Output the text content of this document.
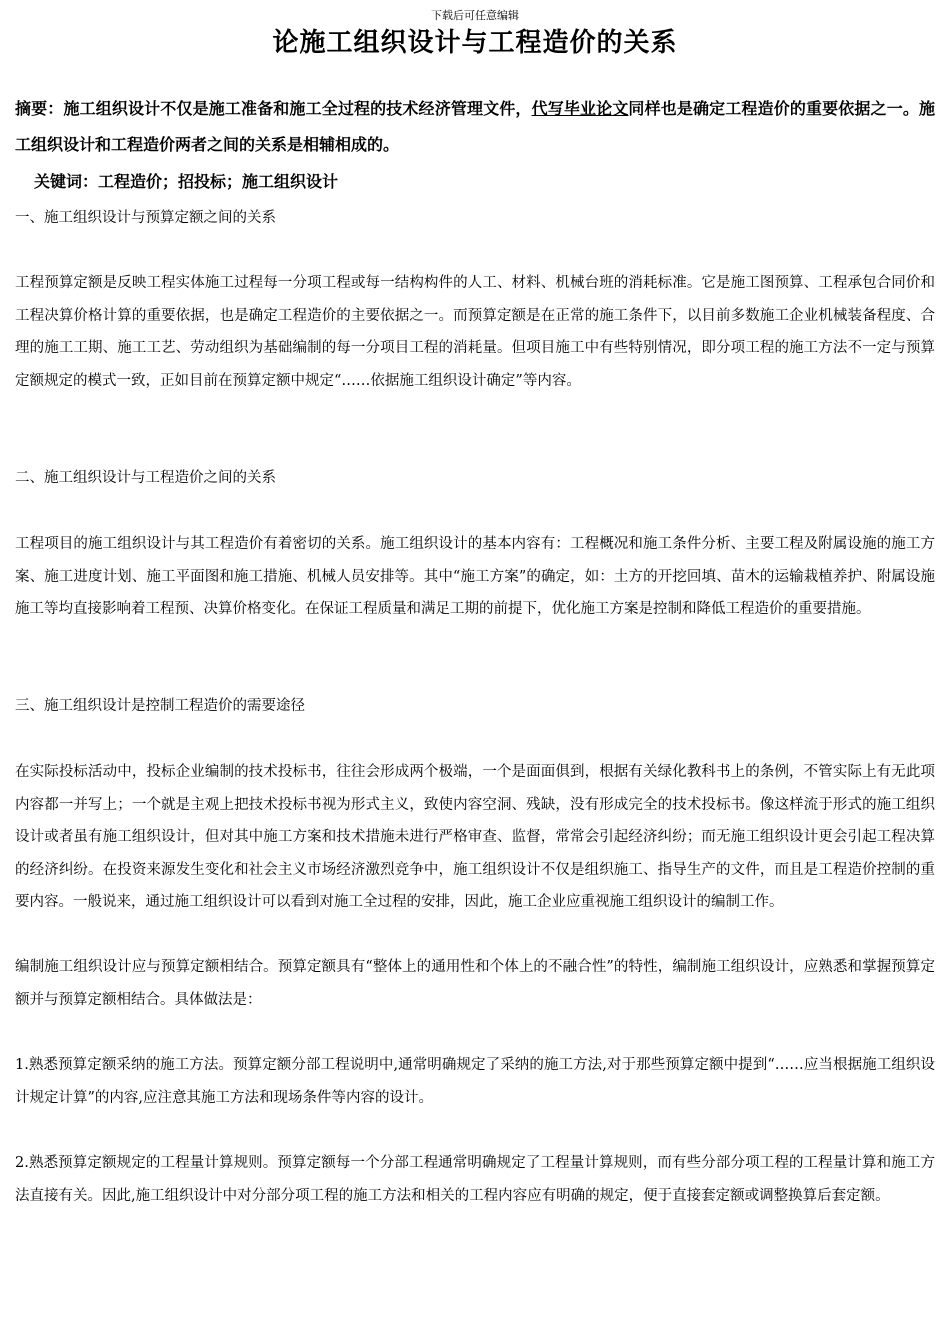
下载后可任意编辑
论施工组织设计与工程造价的关系
摘要：施工组织设计不仅是施工准备和施工全过程的技术经济管理文件，代写毕业论文同样也是确定工程造价的重要依据之一。施工组织设计和工程造价两者之间的关系是相辅相成的。
关键词：工程造价；招投标；施工组织设计
一、施工组织设计与预算定额之间的关系
工程预算定额是反映工程实体施工过程每一分项工程或每一结构构件的人工、材料、机械台班的消耗标准。它是施工图预算、工程承包合同价和工程决算价格计算的重要依据，也是确定工程造价的主要依据之一。而预算定额是在正常的施工条件下，以目前多数施工企业机械装备程度、合理的施工工期、施工工艺、劳动组织为基础编制的每一分项目工程的消耗量。但项目施工中有些特别情况，即分项工程的施工方法不一定与预算定额规定的模式一致，正如目前在预算定额中规定“……依据施工组织设计确定”等内容。
二、施工组织设计与工程造价之间的关系
工程项目的施工组织设计与其工程造价有着密切的关系。施工组织设计的基本内容有：工程概况和施工条件分析、主要工程及附属设施的施工方案、施工进度计划、施工平面图和施工措施、机械人员安排等。其中“施工方案”的确定，如：土方的开挖回填、苗木的运输栽植养护、附属设施施工等均直接影响着工程预、决算价格变化。在保证工程质量和满足工期的前提下，优化施工方案是控制和降低工程造价的重要措施。
三、施工组织设计是控制工程造价的需要途径
在实际投标活动中，投标企业编制的技术投标书，往往会形成两个极端，一个是面面俱到，根据有关绿化教科书上的条例，不管实际上有无此项内容都一并写上；一个就是主观上把技术投标书视为形式主义，致使内容空洞、残缺，没有形成完全的技术投标书。像这样流于形式的施工组织设计或者虽有施工组织设计，但对其中施工方案和技术措施未进行严格审查、监督，常常会引起经济纠纷；而无施工组织设计更会引起工程决算的经济纠纷。在投资来源发生变化和社会主义市场经济激烈竞争中，施工组织设计不仅是组织施工、指导生产的文件，而且是工程造价控制的重要内容。一般说来，通过施工组织设计可以看到对施工全过程的安排，因此，施工企业应重视施工组织设计的编制工作。
编制施工组织设计应与预算定额相结合。预算定额具有“整体上的通用性和个体上的不融合性”的特性，编制施工组织设计，应熟悉和掌握预算定额并与预算定额相结合。具体做法是：
1.熟悉预算定额采纳的施工方法。预算定额分部工程说明中,通常明确规定了采纳的施工方法,对于那些预算定额中提到“……应当根据施工组织设计规定计算”的内容,应注意其施工方法和现场条件等内容的设计。
2.熟悉预算定额规定的工程量计算规则。预算定额每一个分部工程通常明确规定了工程量计算规则，而有些分部分项工程的工程量计算和施工方法直接有关。因此,施工组织设计中对分部分项工程的施工方法和相关的工程内容应有明确的规定，便于直接套定额或调整换算后套定额。
